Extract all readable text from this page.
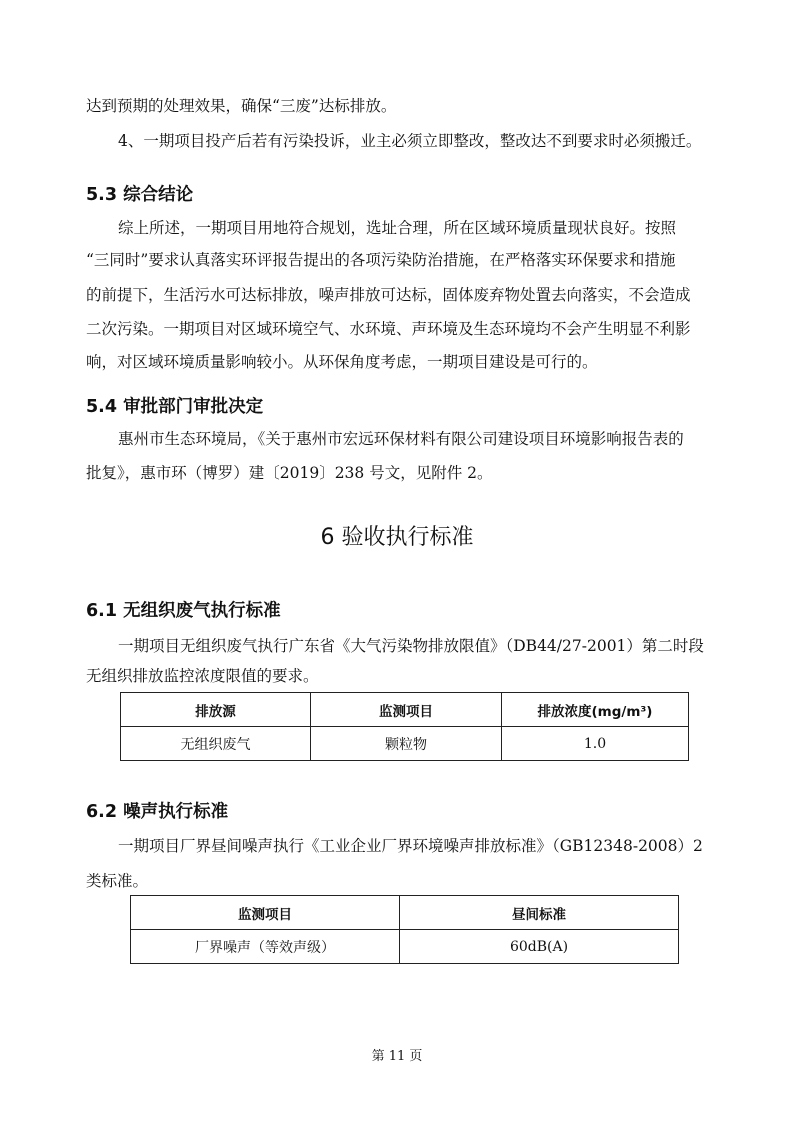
达到预期的处理效果，确保“三废”达标排放。
4、一期项目投产后若有污染投诉，业主必须立即整改，整改达不到要求时必须搬迁。
5.3 综合结论
综上所述，一期项目用地符合规划，选址合理，所在区域环境质量现状良好。按照
“三同时”要求认真落实环评报告提出的各项污染防治措施，在严格落实环保要求和措施
的前提下，生活污水可达标排放，噪声排放可达标，固体废弃物处置去向落实，不会造成
二次污染。一期项目对区域环境空气、水环境、声环境及生态环境均不会产生明显不利影
响，对区域环境质量影响较小。从环保角度考虑，一期项目建设是可行的。
5.4 审批部门审批决定
惠州市生态环境局，《关于惠州市宏远环保材料有限公司建设项目环境影响报告表的
批复》，惠市环（博罗）建〔2019〕238 号文，见附件 2。
6 验收执行标准
6.1 无组织废气执行标准
一期项目无组织废气执行广东省《大气污染物排放限值》（DB44/27-2001）第二时段
无组织排放监控浓度限值的要求。
排放源	监测项目	排放浓度(mg/m³)
无组织废气	颗粒物	1.0
6.2 噪声执行标准
一期项目厂界昼间噪声执行《工业企业厂界环境噪声排放标准》（GB12348-2008）2
类标准。
监测项目	昼间标准
厂界噪声（等效声级）	60dB(A)
第 11 页
